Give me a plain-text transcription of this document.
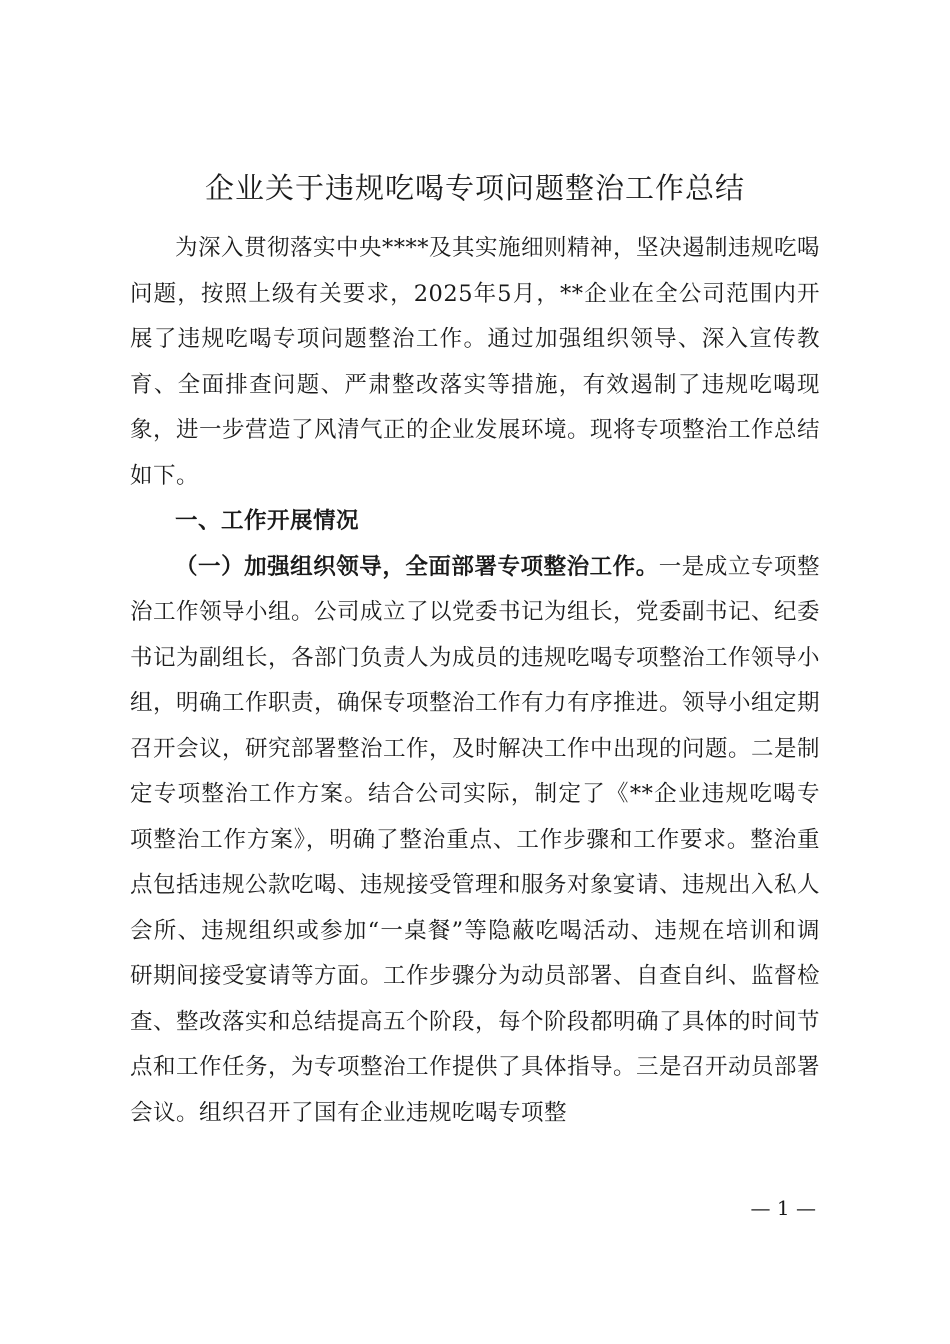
企业关于违规吃喝专项问题整治工作总结

为深入贯彻落实中央****及其实施细则精神，坚决遏制违规吃喝问题，按照上级有关要求，2025年5月，**企业在全公司范围内开展了违规吃喝专项问题整治工作。通过加强组织领导、深入宣传教育、全面排查问题、严肃整改落实等措施，有效遏制了违规吃喝现象，进一步营造了风清气正的企业发展环境。现将专项整治工作总结如下。

一、工作开展情况

（一）加强组织领导，全面部署专项整治工作。一是成立专项整治工作领导小组。公司成立了以党委书记为组长，党委副书记、纪委书记为副组长，各部门负责人为成员的违规吃喝专项整治工作领导小组，明确工作职责，确保专项整治工作有力有序推进。领导小组定期召开会议，研究部署整治工作，及时解决工作中出现的问题。二是制定专项整治工作方案。结合公司实际，制定了《**企业违规吃喝专项整治工作方案》，明确了整治重点、工作步骤和工作要求。整治重点包括违规公款吃喝、违规接受管理和服务对象宴请、违规出入私人会所、违规组织或参加“一桌餐”等隐蔽吃喝活动、违规在培训和调研期间接受宴请等方面。工作步骤分为动员部署、自查自纠、监督检查、整改落实和总结提高五个阶段，每个阶段都明确了具体的时间节点和工作任务，为专项整治工作提供了具体指导。三是召开动员部署会议。组织召开了国有企业违规吃喝专项整

— 1 —
